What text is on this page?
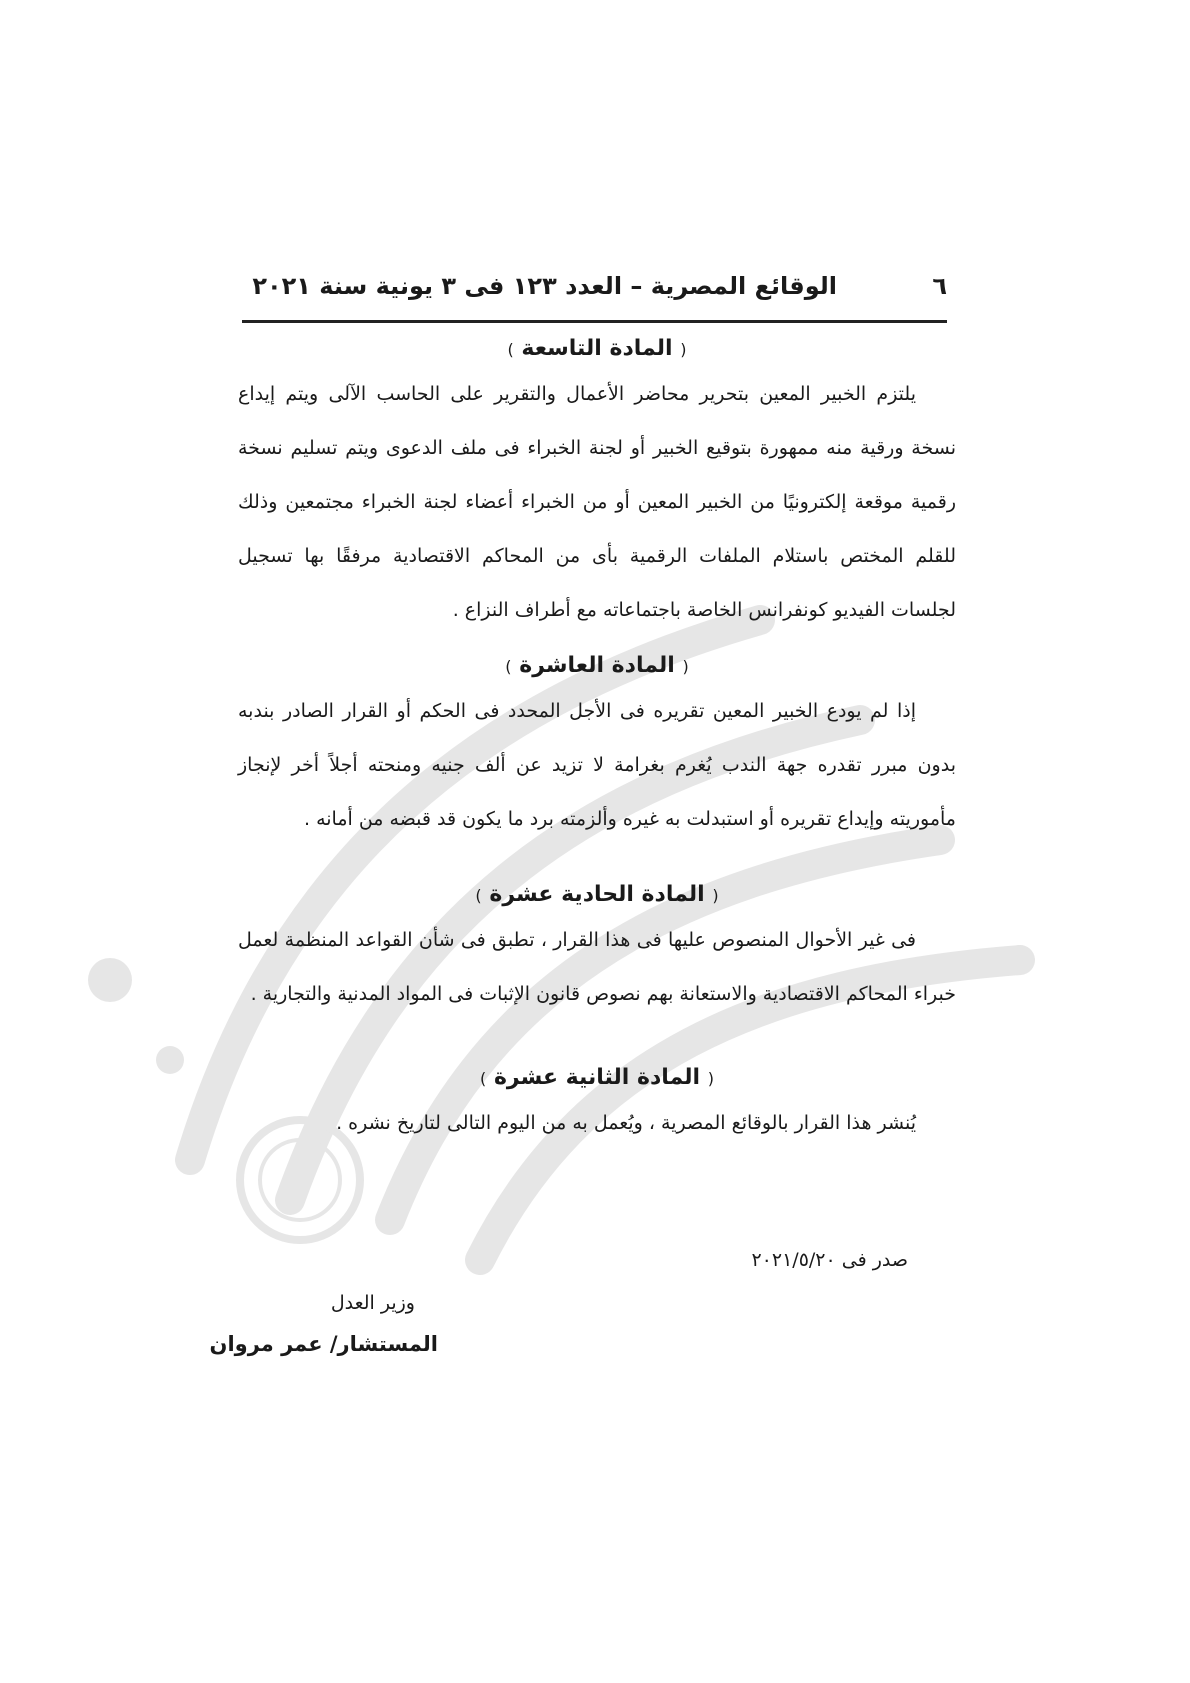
٦
الوقائع المصرية – العدد ١٢٣ فى ٣ يونية سنة ٢٠٢١
( المادة التاسعة )

يلتزم الخبير المعين بتحرير محاضر الأعمال والتقرير على الحاسب الآلى ويتم إيداع نسخة ورقية منه ممهورة بتوقيع الخبير أو لجنة الخبراء فى ملف الدعوى ويتم تسليم نسخة رقمية موقعة إلكترونيًا من الخبير المعين أو من الخبراء أعضاء لجنة الخبراء مجتمعين وذلك للقلم المختص باستلام الملفات الرقمية بأى من المحاكم الاقتصادية مرفقًا بها تسجيل لجلسات الفيديو كونفرانس الخاصة باجتماعاته مع أطراف النزاع .

( المادة العاشرة )

إذا لم يودع الخبير المعين تقريره فى الأجل المحدد فى الحكم أو القرار الصادر بندبه بدون مبرر تقدره جهة الندب يُغرم بغرامة لا تزيد عن ألف جنيه ومنحته أجلاً أخر لإنجاز مأموريته وإيداع تقريره أو استبدلت به غيره وألزمته برد ما يكون قد قبضه من أمانه .

( المادة الحادية عشرة )

فى غير الأحوال المنصوص عليها فى هذا القرار ، تطبق فى شأن القواعد المنظمة لعمل خبراء المحاكم الاقتصادية والاستعانة بهم نصوص قانون الإثبات فى المواد المدنية والتجارية .

( المادة الثانية عشرة )

يُنشر هذا القرار بالوقائع المصرية ، ويُعمل به من اليوم التالى لتاريخ نشره .

صدر فى ٢٠٢١/٥/٢٠
وزير العدل
المستشار/ عمر مروان
